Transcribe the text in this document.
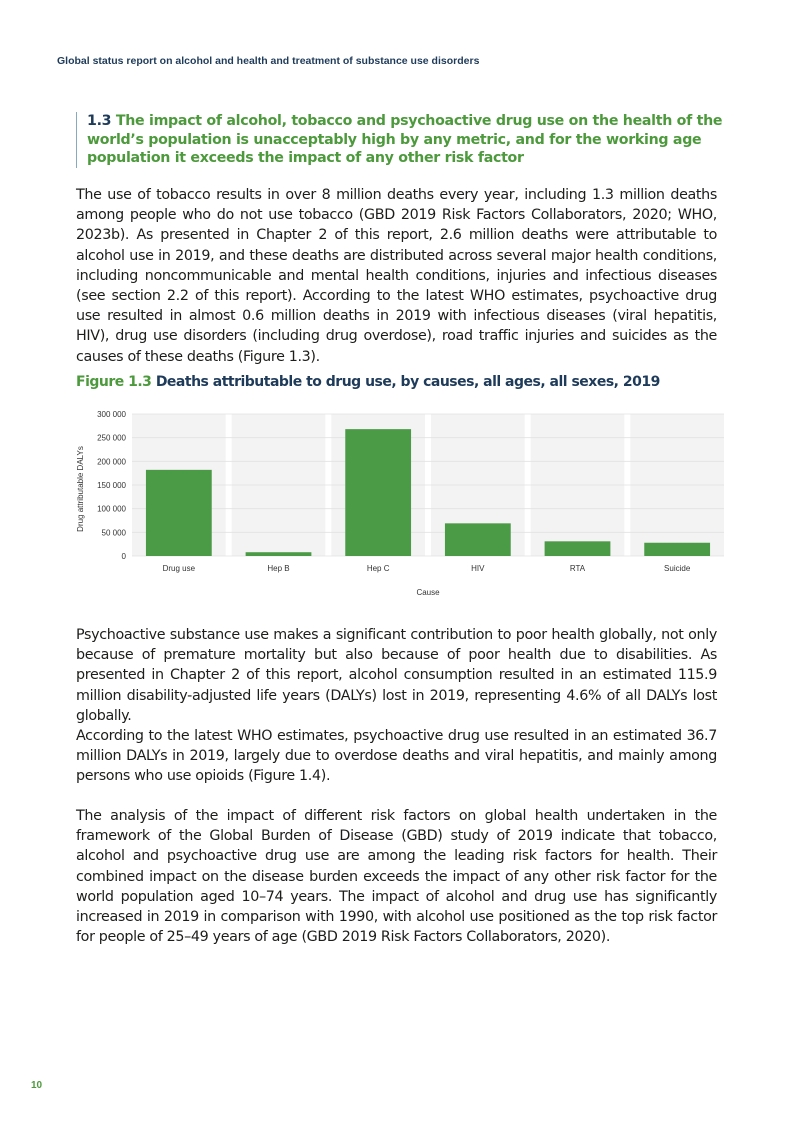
Global status report on alcohol and health and treatment of substance use disorders
1.3 The impact of alcohol, tobacco and psychoactive drug use on the health of the world’s population is unacceptably high by any metric, and for the working age population it exceeds the impact of any other risk factor

The use of tobacco results in over 8 million deaths every year, including 1.3 million deaths among people who do not use tobacco (GBD 2019 Risk Factors Collaborators, 2020; WHO, 2023b). As presented in Chapter 2 of this report, 2.6 million deaths were attributable to alcohol use in 2019, and these deaths are distributed across several major health conditions, including noncommunicable and mental health conditions, injuries and infectious diseases (see section 2.2 of this report). According to the latest WHO estimates, psychoactive drug use resulted in almost 0.6 million deaths in 2019 with infectious diseases (viral hepatitis, HIV), drug use disorders (including drug overdose), road traffic injuries and suicides as the causes of these deaths (Figure 1.3).

Figure 1.3 Deaths attributable to drug use, by causes, all ages, all sexes, 2019
0
50 000
100 000
150 000
200 000
250 000
300 000
Drug use	Hep B	Hep C	HIV	RTA	Suicide
Cause
Drug attributable DALYs

Psychoactive substance use makes a significant contribution to poor health globally, not only because of premature mortality but also because of poor health due to disabilities. As presented in Chapter 2 of this report, alcohol consumption resulted in an estimated 115.9 million disability-adjusted life years (DALYs) lost in 2019, representing 4.6% of all DALYs lost globally.

According to the latest WHO estimates, psychoactive drug use resulted in an estimated 36.7 million DALYs in 2019, largely due to overdose deaths and viral hepatitis, and mainly among persons who use opioids (Figure 1.4).

The analysis of the impact of different risk factors on global health undertaken in the framework of the Global Burden of Disease (GBD) study of 2019 indicate that tobacco, alcohol and psychoactive drug use are among the leading risk factors for health. Their combined impact on the disease burden exceeds the impact of any other risk factor for the world population aged 10–74 years. The impact of alcohol and drug use has significantly increased in 2019 in comparison with 1990, with alcohol use positioned as the top risk factor for people of 25–49 years of age (GBD 2019 Risk Factors Collaborators, 2020).

10
